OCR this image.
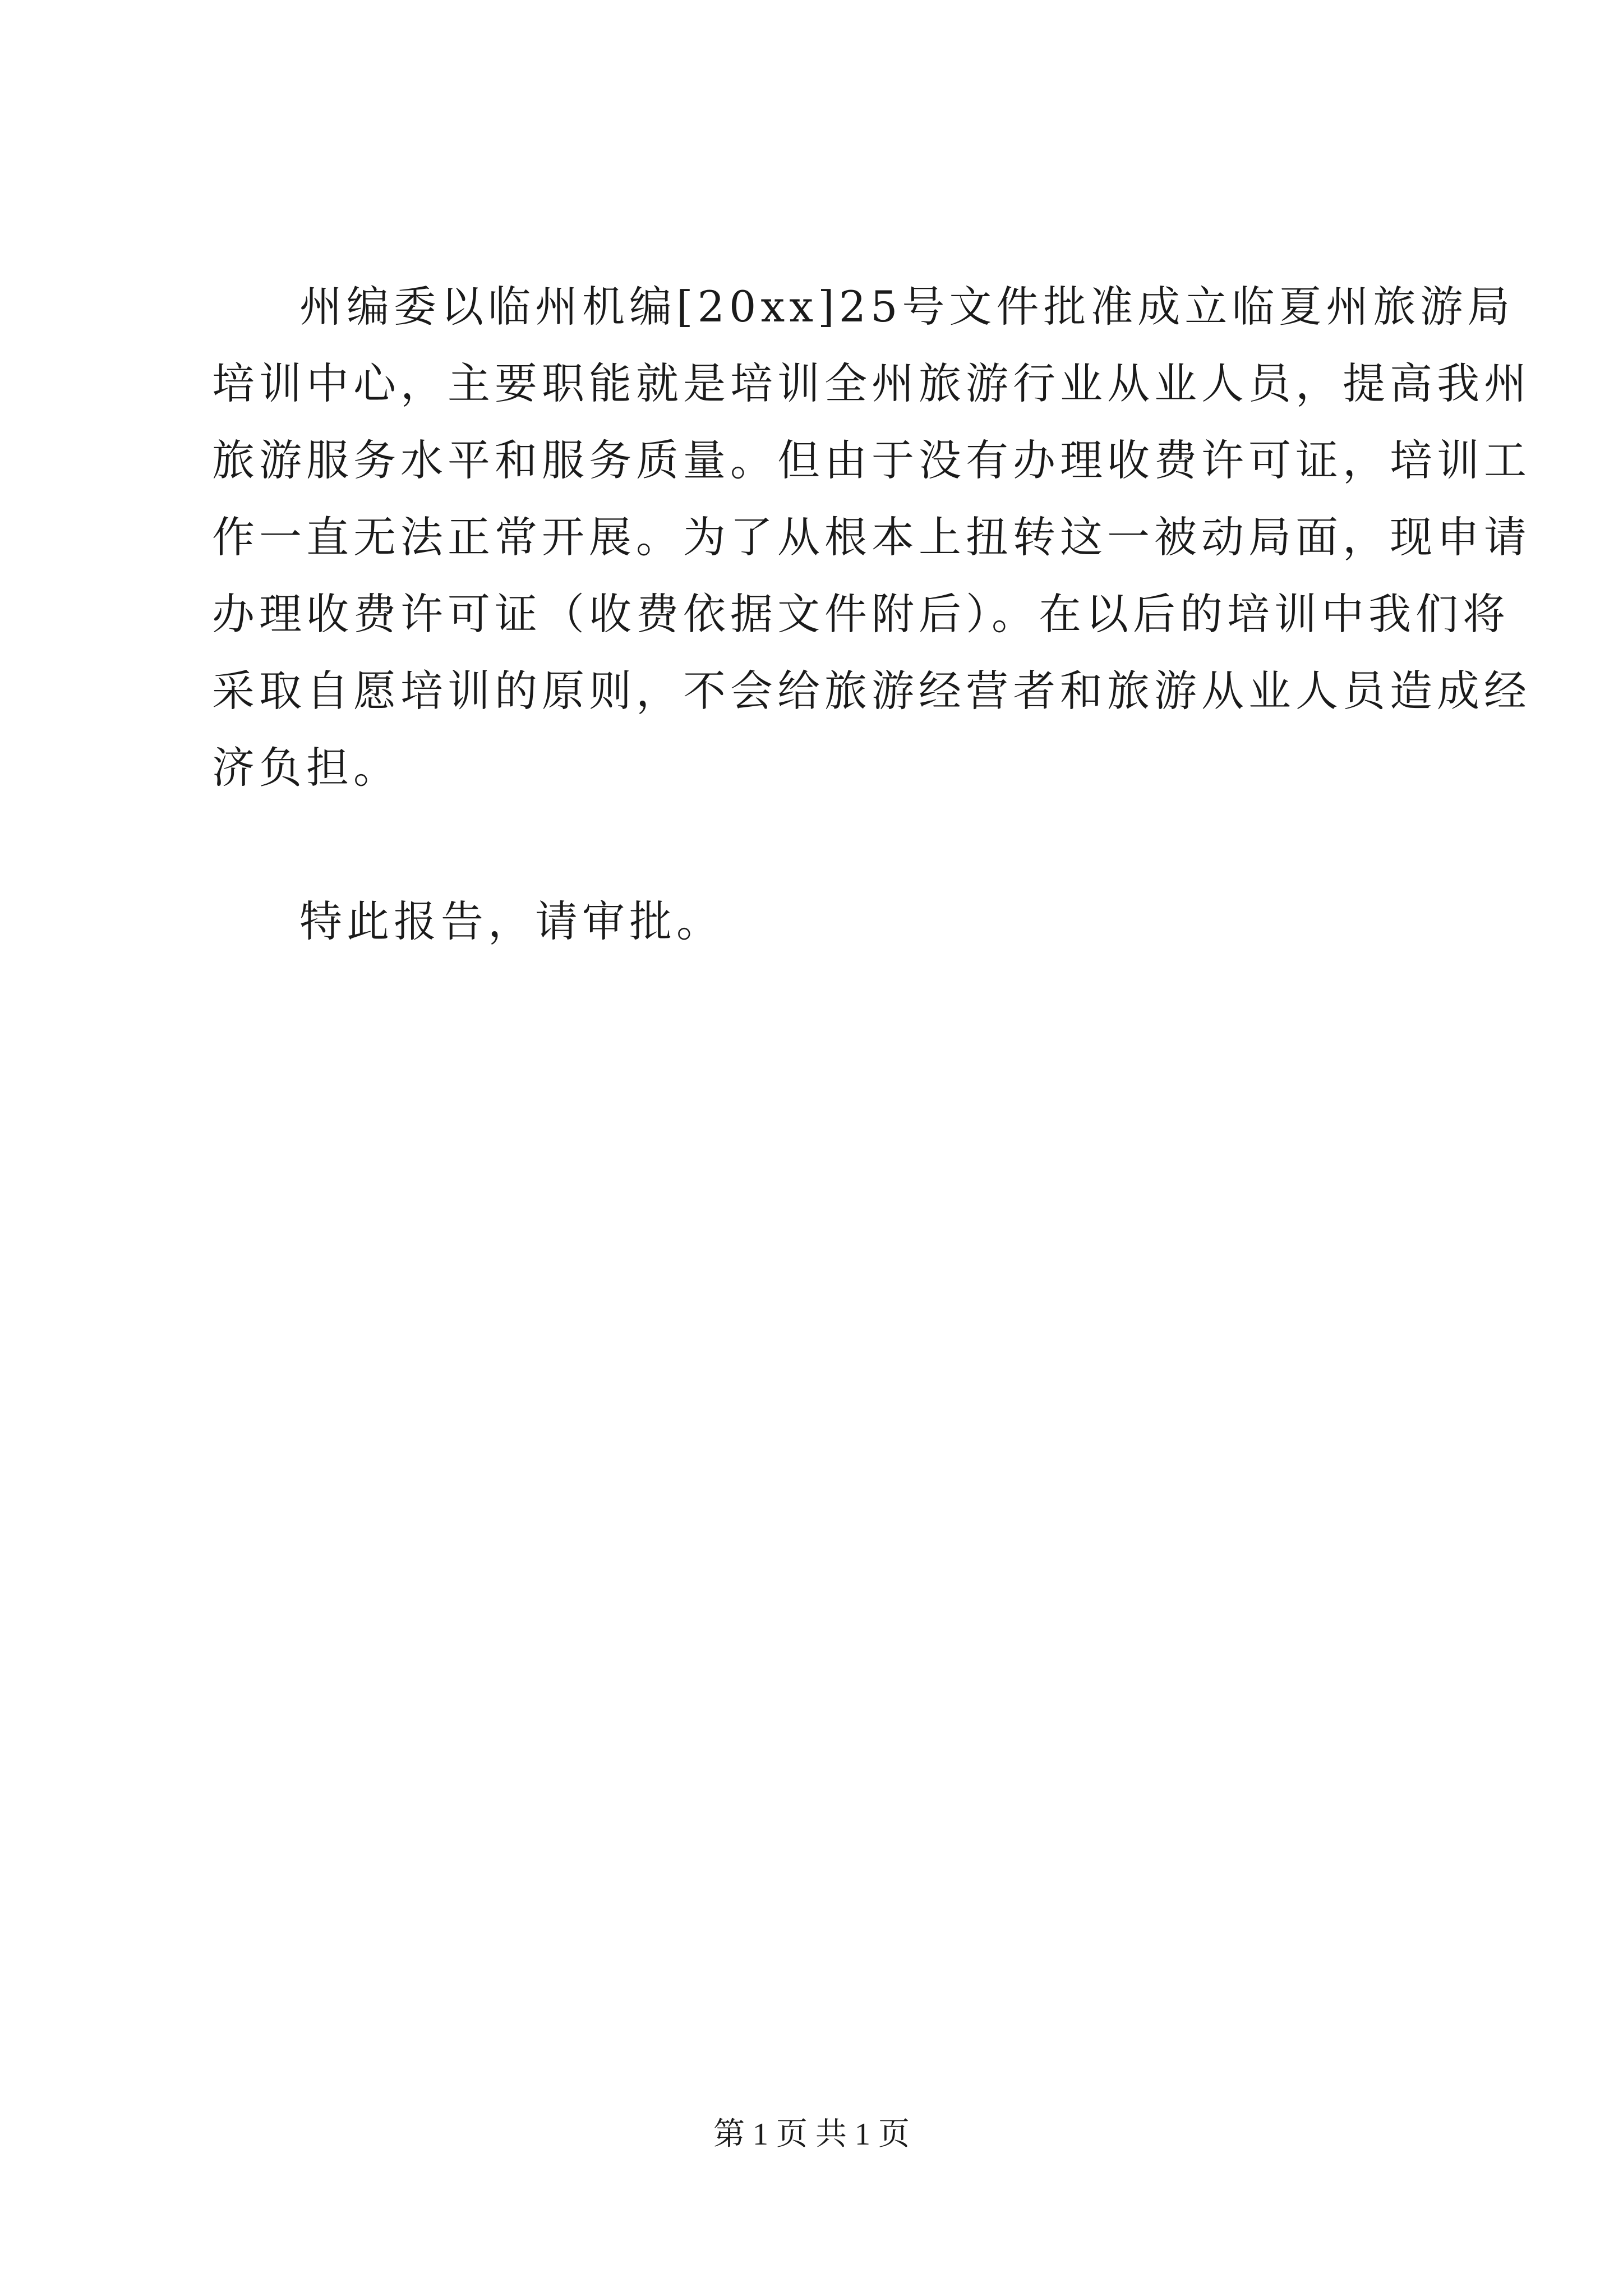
州编委以临州机编[20xx]25号文件批准成立临夏州旅游局
培训中心，主要职能就是培训全州旅游行业从业人员，提高我州
旅游服务水平和服务质量。但由于没有办理收费许可证，培训工
作一直无法正常开展。为了从根本上扭转这一被动局面，现申请
办理收费许可证（收费依据文件附后）。在以后的培训中我们将
采取自愿培训的原则，不会给旅游经营者和旅游从业人员造成经
济负担。
特此报告，请审批。
第 1 页 共 1 页
